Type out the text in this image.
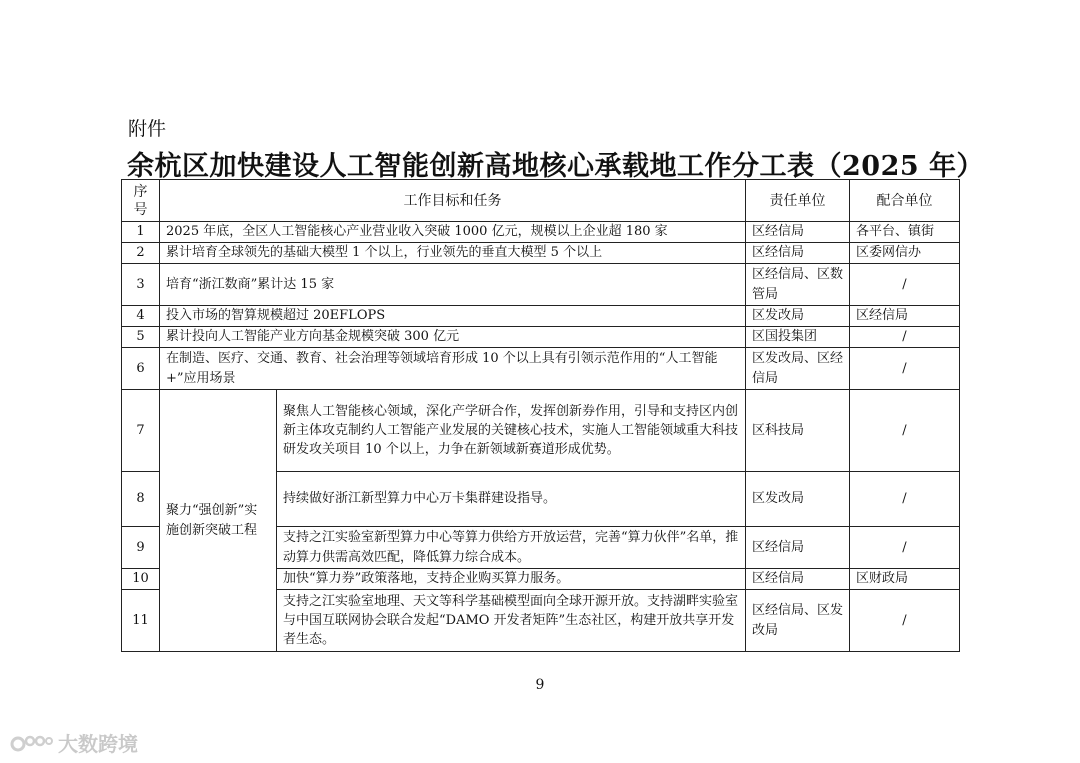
附件
余杭区加快建设人工智能创新高地核心承载地工作分工表（2025 年）
序号	工作目标和任务		责任单位	配合单位
1	2025 年底，全区人工智能核心产业营业收入突破 1000 亿元，规模以上企业超 180 家		区经信局	各平台、镇街
2	累计培育全球领先的基础大模型 1 个以上，行业领先的垂直大模型 5 个以上		区经信局	区委网信办
3	培育“浙江数商”累计达 15 家		区经信局、区数管局	/
4	投入市场的智算规模超过 20EFLOPS		区发改局	区经信局
5	累计投向人工智能产业方向基金规模突破 300 亿元		区国投集团	/
6	在制造、医疗、交通、教育、社会治理等领域培育形成 10 个以上具有引领示范作用的“人工智能+”应用场景		区发改局、区经信局	/
7	聚力“强创新”实施创新突破工程	聚焦人工智能核心领域，深化产学研合作，发挥创新券作用，引导和支持区内创新主体攻克制约人工智能产业发展的关键核心技术，实施人工智能领域重大科技研发攻关项目 10 个以上，力争在新领域新赛道形成优势。	区科技局	/
8		持续做好浙江新型算力中心万卡集群建设指导。	区发改局	/
9		支持之江实验室新型算力中心等算力供给方开放运营，完善“算力伙伴”名单，推动算力供需高效匹配，降低算力综合成本。	区经信局	/
10		加快“算力券”政策落地，支持企业购买算力服务。	区经信局	区财政局
11		支持之江实验室地理、天文等科学基础模型面向全球开源开放。支持湖畔实验室与中国互联网协会联合发起“DAMO 开发者矩阵”生态社区，构建开放共享开发者生态。	区经信局、区发改局	/
9
大数跨境
